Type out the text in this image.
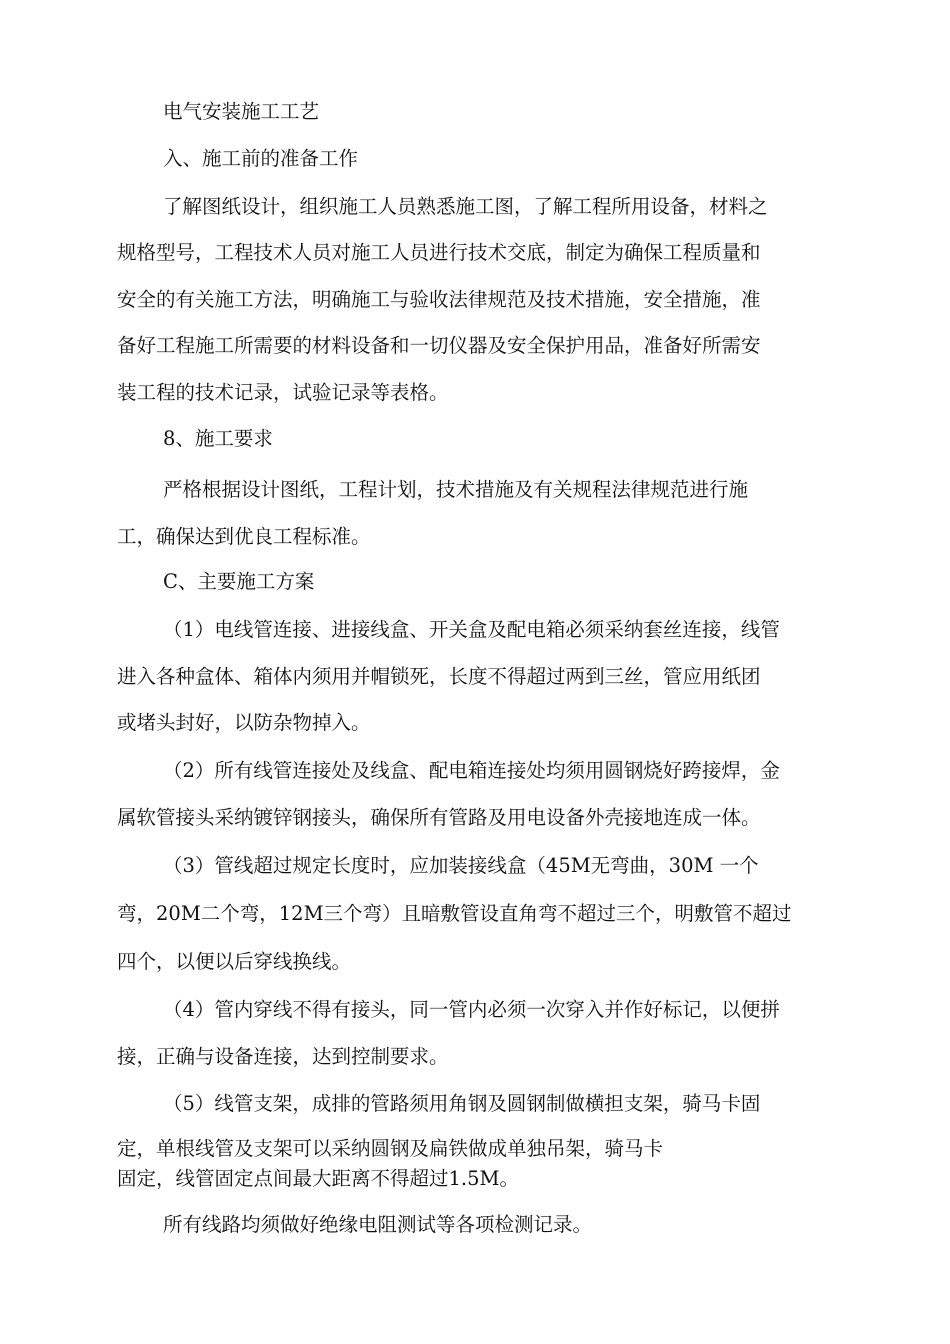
电气安装施工工艺
入、施工前的准备工作
了解图纸设计，组织施工人员熟悉施工图，了解工程所用设备，材料之
规格型号，工程技术人员对施工人员进行技术交底，制定为确保工程质量和
安全的有关施工方法，明确施工与验收法律规范及技术措施，安全措施，准
备好工程施工所需要的材料设备和一切仪器及安全保护用品，准备好所需安
装工程的技术记录，试验记录等表格。
8、施工要求
严格根据设计图纸，工程计划，技术措施及有关规程法律规范进行施
工，确保达到优良工程标准。
C、主要施工方案
（1）电线管连接、进接线盒、开关盒及配电箱必须采纳套丝连接，线管
进入各种盒体、箱体内须用并帽锁死，长度不得超过两到三丝，管应用纸团
或堵头封好，以防杂物掉入。
（2）所有线管连接处及线盒、配电箱连接处均须用圆钢烧好跨接焊，金
属软管接头采纳镀锌钢接头，确保所有管路及用电设备外壳接地连成一体。
（3）管线超过规定长度时，应加装接线盒（45M无弯曲，30M 一个
弯，20M二个弯，12M三个弯）且暗敷管设直角弯不超过三个，明敷管不超过
四个，以便以后穿线换线。
（4）管内穿线不得有接头，同一管内必须一次穿入并作好标记，以便拼
接，正确与设备连接，达到控制要求。
（5）线管支架，成排的管路须用角钢及圆钢制做横担支架，骑马卡固
定，单根线管及支架可以采纳圆钢及扁铁做成单独吊架，骑马卡
固定，线管固定点间最大距离不得超过1.5M。
所有线路均须做好绝缘电阻测试等各项检测记录。
